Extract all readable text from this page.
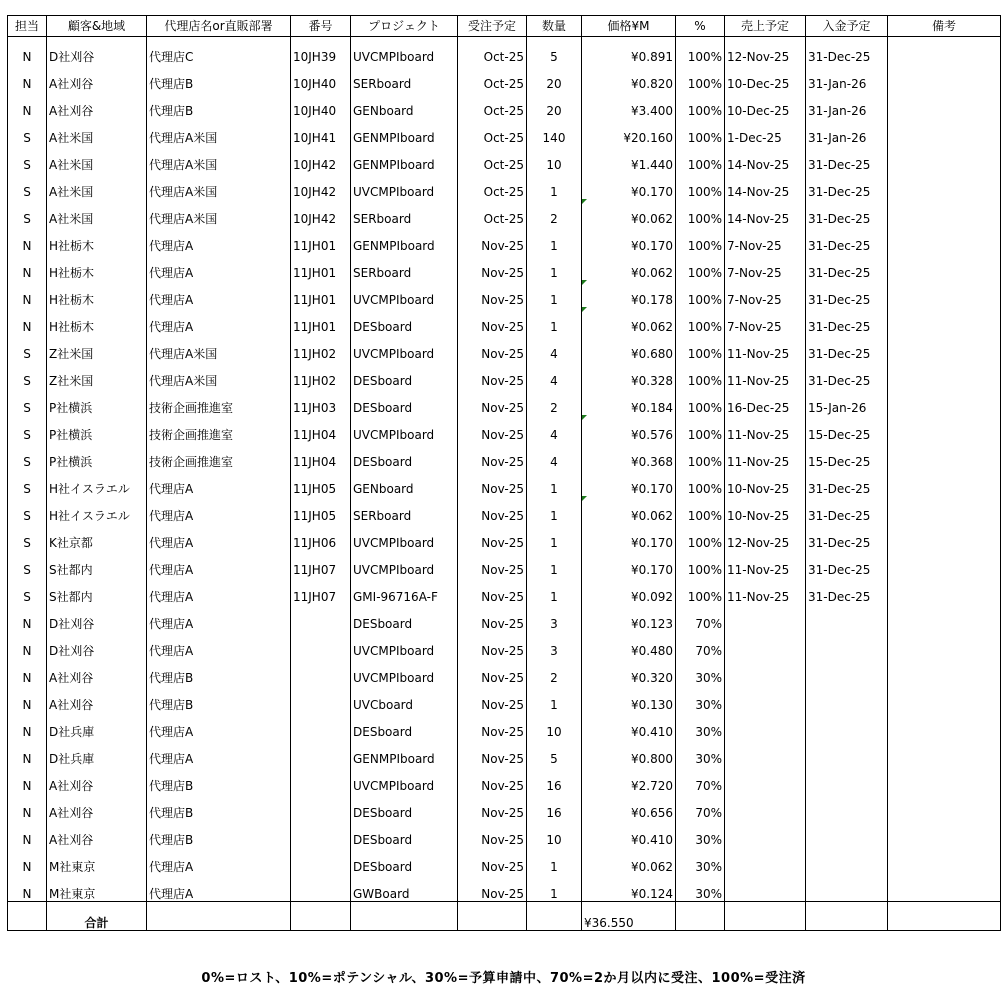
担当	顧客&地域	代理店名or直販部署	番号	プロジェクト	受注予定	数量	価格¥M	%	売上予定	入金予定	備考
N	D社刈谷	代理店C	10JH39	UVCMPIboard	Oct-25	5	¥0.891	100%	12-Nov-25	31-Dec-25	
N	A社刈谷	代理店B	10JH40	SERboard	Oct-25	20	¥0.820	100%	10-Dec-25	31-Jan-26	
N	A社刈谷	代理店B	10JH40	GENboard	Oct-25	20	¥3.400	100%	10-Dec-25	31-Jan-26	
S	A社米国	代理店A米国	10JH41	GENMPIboard	Oct-25	140	¥20.160	100%	1-Dec-25	31-Jan-26	
S	A社米国	代理店A米国	10JH42	GENMPIboard	Oct-25	10	¥1.440	100%	14-Nov-25	31-Dec-25	
S	A社米国	代理店A米国	10JH42	UVCMPIboard	Oct-25	1	¥0.170	100%	14-Nov-25	31-Dec-25	
S	A社米国	代理店A米国	10JH42	SERboard	Oct-25	2	¥0.062	100%	14-Nov-25	31-Dec-25	
N	H社栃木	代理店A	11JH01	GENMPIboard	Nov-25	1	¥0.170	100%	7-Nov-25	31-Dec-25	
N	H社栃木	代理店A	11JH01	SERboard	Nov-25	1	¥0.062	100%	7-Nov-25	31-Dec-25	
N	H社栃木	代理店A	11JH01	UVCMPIboard	Nov-25	1	¥0.178	100%	7-Nov-25	31-Dec-25	
N	H社栃木	代理店A	11JH01	DESboard	Nov-25	1	¥0.062	100%	7-Nov-25	31-Dec-25	
S	Z社米国	代理店A米国	11JH02	UVCMPIboard	Nov-25	4	¥0.680	100%	11-Nov-25	31-Dec-25	
S	Z社米国	代理店A米国	11JH02	DESboard	Nov-25	4	¥0.328	100%	11-Nov-25	31-Dec-25	
S	P社横浜	技術企画推進室	11JH03	DESboard	Nov-25	2	¥0.184	100%	16-Dec-25	15-Jan-26	
S	P社横浜	技術企画推進室	11JH04	UVCMPIboard	Nov-25	4	¥0.576	100%	11-Nov-25	15-Dec-25	
S	P社横浜	技術企画推進室	11JH04	DESboard	Nov-25	4	¥0.368	100%	11-Nov-25	15-Dec-25	
S	H社イスラエル	代理店A	11JH05	GENboard	Nov-25	1	¥0.170	100%	10-Nov-25	31-Dec-25	
S	H社イスラエル	代理店A	11JH05	SERboard	Nov-25	1	¥0.062	100%	10-Nov-25	31-Dec-25	
S	K社京都	代理店A	11JH06	UVCMPIboard	Nov-25	1	¥0.170	100%	12-Nov-25	31-Dec-25	
S	S社都内	代理店A	11JH07	UVCMPIboard	Nov-25	1	¥0.170	100%	11-Nov-25	31-Dec-25	
S	S社都内	代理店A	11JH07	GMI-96716A-F	Nov-25	1	¥0.092	100%	11-Nov-25	31-Dec-25	
N	D社刈谷	代理店A		DESboard	Nov-25	3	¥0.123	70%			
N	D社刈谷	代理店A		UVCMPIboard	Nov-25	3	¥0.480	70%			
N	A社刈谷	代理店B		UVCMPIboard	Nov-25	2	¥0.320	30%			
N	A社刈谷	代理店B		UVCboard	Nov-25	1	¥0.130	30%			
N	D社兵庫	代理店A		DESboard	Nov-25	10	¥0.410	30%			
N	D社兵庫	代理店A		GENMPIboard	Nov-25	5	¥0.800	30%			
N	A社刈谷	代理店B		UVCMPIboard	Nov-25	16	¥2.720	70%			
N	A社刈谷	代理店B		DESboard	Nov-25	16	¥0.656	70%			
N	A社刈谷	代理店B		DESboard	Nov-25	10	¥0.410	30%			
N	M社東京	代理店A		DESboard	Nov-25	1	¥0.062	30%			
N	M社東京	代理店A		GWBoard	Nov-25	1	¥0.124	30%			
	合計						¥36.550				
0%=ロスト、10%=ポテンシャル、30%=予算申請中、70%=2か月以内に受注、100%=受注済
